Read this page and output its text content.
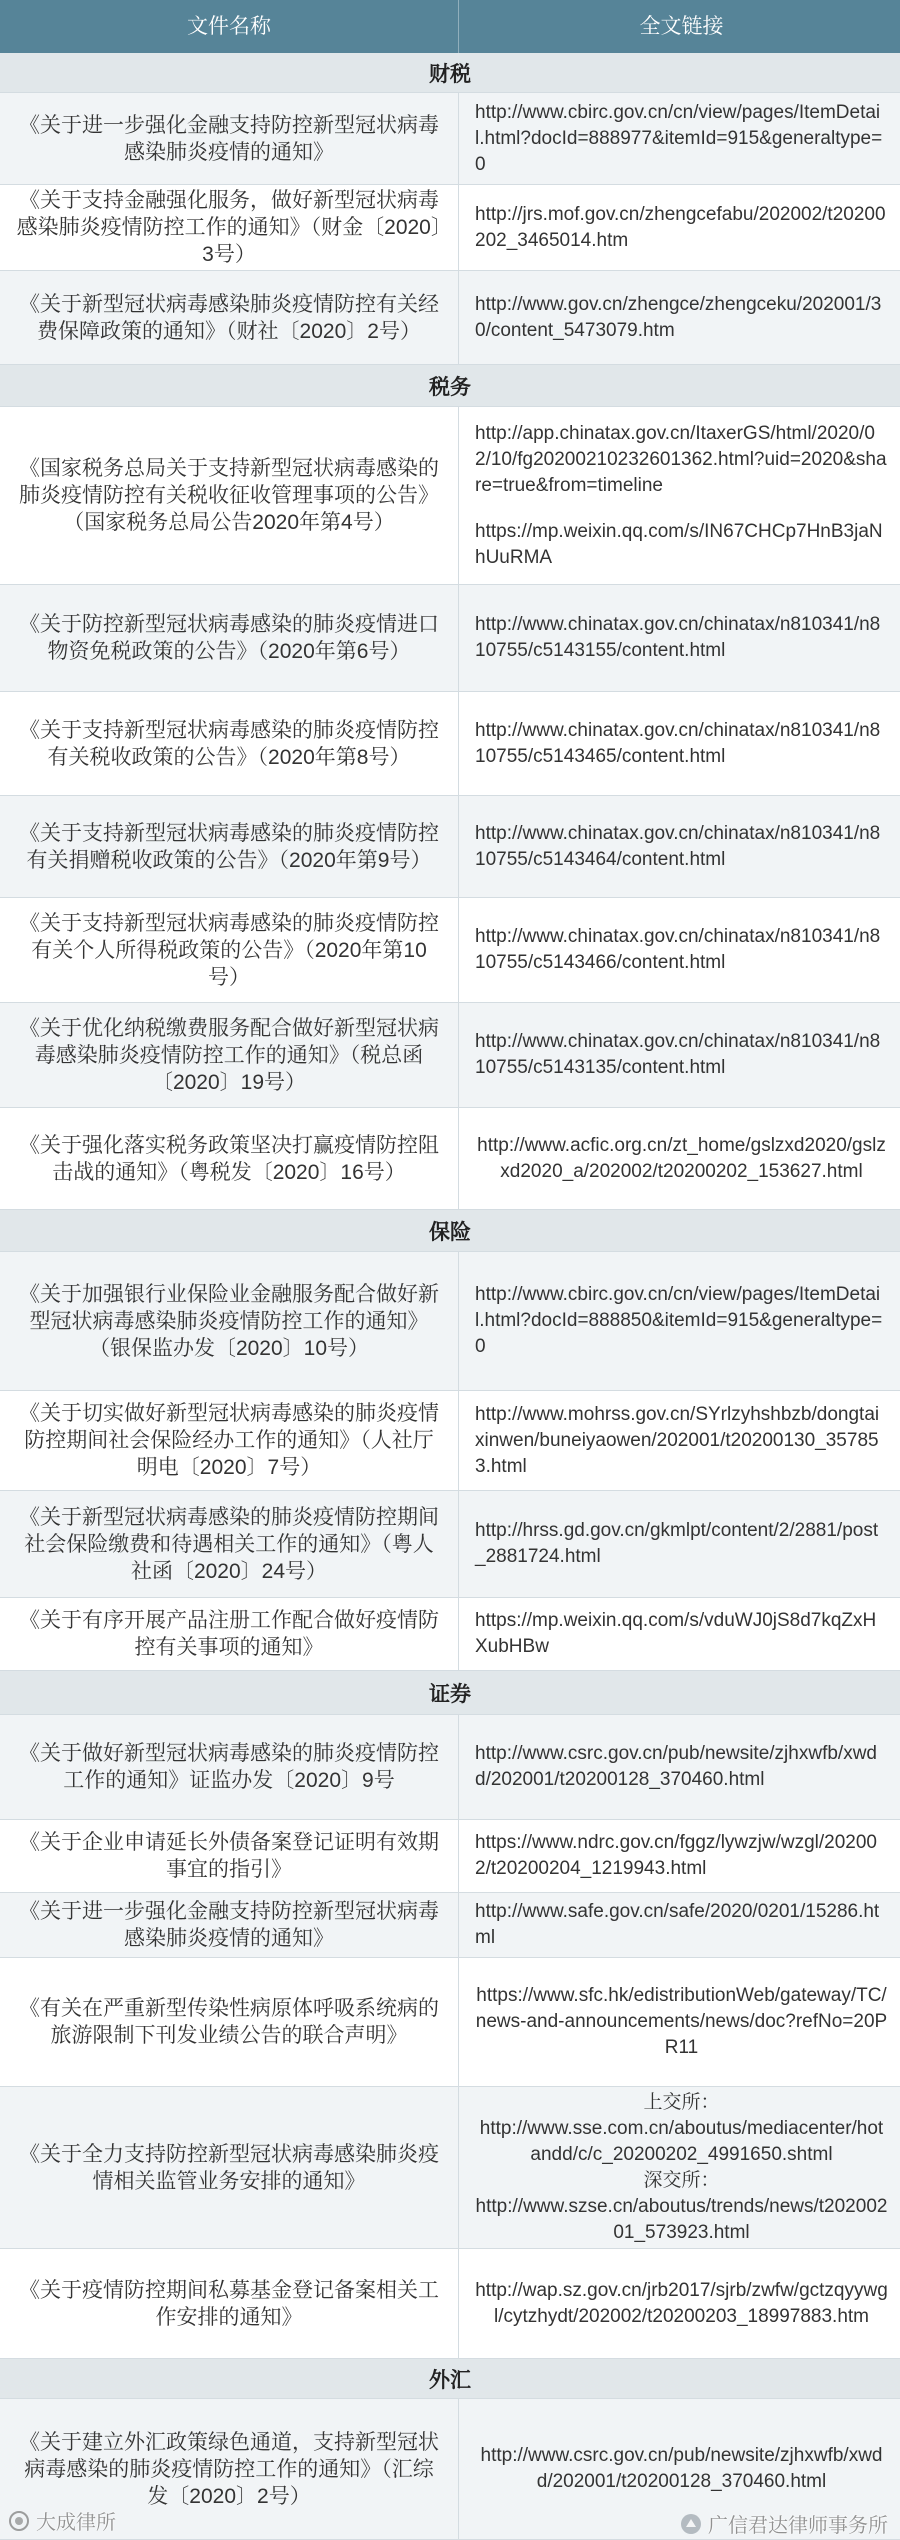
文件名称	全文链接
财税
《关于进一步强化金融支持防控新型冠状病毒感染肺炎疫情的通知》
http://www.cbirc.gov.cn/cn/view/pages/ItemDetail.html?docId=888977&itemId=915&generaltype=0
《关于支持金融强化服务，做好新型冠状病毒感染肺炎疫情防控工作的通知》（财金〔2020〕3号）
http://jrs.mof.gov.cn/zhengcefabu/202002/t20200202_3465014.htm
《关于新型冠状病毒感染肺炎疫情防控有关经费保障政策的通知》（财社〔2020〕2号）
http://www.gov.cn/zhengce/zhengceku/202001/30/content_5473079.htm
税务
《国家税务总局关于支持新型冠状病毒感染的肺炎疫情防控有关税收征收管理事项的公告》（国家税务总局公告2020年第4号）
http://app.chinatax.gov.cn/ItaxerGS/html/2020/02/10/fg20200210232601362.html?uid=2020&share=true&from=timeline
https://mp.weixin.qq.com/s/IN67CHCp7HnB3jaNhUuRMA
《关于防控新型冠状病毒感染的肺炎疫情进口物资免税政策的公告》（2020年第6号）
http://www.chinatax.gov.cn/chinatax/n810341/n810755/c5143155/content.html
《关于支持新型冠状病毒感染的肺炎疫情防控有关税收政策的公告》（2020年第8号）
http://www.chinatax.gov.cn/chinatax/n810341/n810755/c5143465/content.html
《关于支持新型冠状病毒感染的肺炎疫情防控有关捐赠税收政策的公告》（2020年第9号）
http://www.chinatax.gov.cn/chinatax/n810341/n810755/c5143464/content.html
《关于支持新型冠状病毒感染的肺炎疫情防控有关个人所得税政策的公告》（2020年第10号）
http://www.chinatax.gov.cn/chinatax/n810341/n810755/c5143466/content.html
《关于优化纳税缴费服务配合做好新型冠状病毒感染肺炎疫情防控工作的通知》（税总函〔2020〕19号）
http://www.chinatax.gov.cn/chinatax/n810341/n810755/c5143135/content.html
《关于强化落实税务政策坚决打赢疫情防控阻击战的通知》（粤税发〔2020〕16号）
http://www.acfic.org.cn/zt_home/gslzxd2020/gslzxd2020_a/202002/t20200202_153627.html
保险
《关于加强银行业保险业金融服务配合做好新型冠状病毒感染肺炎疫情防控工作的通知》（银保监办发〔2020〕10号）
http://www.cbirc.gov.cn/cn/view/pages/ItemDetail.html?docId=888850&itemId=915&generaltype=0
《关于切实做好新型冠状病毒感染的肺炎疫情防控期间社会保险经办工作的通知》（人社厅明电〔2020〕7号）
http://www.mohrss.gov.cn/SYrlzyhshbzb/dongtaixinwen/buneiyaowen/202001/t20200130_357853.html
《关于新型冠状病毒感染的肺炎疫情防控期间社会保险缴费和待遇相关工作的通知》（粤人社函〔2020〕24号）
http://hrss.gd.gov.cn/gkmlpt/content/2/2881/post_2881724.html
《关于有序开展产品注册工作配合做好疫情防控有关事项的通知》
https://mp.weixin.qq.com/s/vduWJ0jS8d7kqZxHXubHBw
证券
《关于做好新型冠状病毒感染的肺炎疫情防控工作的通知》证监办发〔2020〕9号
http://www.csrc.gov.cn/pub/newsite/zjhxwfb/xwdd/202001/t20200128_370460.html
《关于企业申请延长外债备案登记证明有效期事宜的指引》
https://www.ndrc.gov.cn/fggz/lywzjw/wzgl/202002/t20200204_1219943.html
《关于进一步强化金融支持防控新型冠状病毒感染肺炎疫情的通知》
http://www.safe.gov.cn/safe/2020/0201/15286.html
《有关在严重新型传染性病原体呼吸系统病的旅游限制下刊发业绩公告的联合声明》
https://www.sfc.hk/edistributionWeb/gateway/TC/news-and-announcements/news/doc?refNo=20PR11
《关于全力支持防控新型冠状病毒感染肺炎疫情相关监管业务安排的通知》
上交所：
http://www.sse.com.cn/aboutus/mediacenter/hotandd/c/c_20200202_4991650.shtml
深交所：
http://www.szse.cn/aboutus/trends/news/t20200201_573923.html
《关于疫情防控期间私募基金登记备案相关工作安排的通知》
http://wap.sz.gov.cn/jrb2017/sjrb/zwfw/gctzqyywgl/cytzhydt/202002/t20200203_18997883.htm
外汇
《关于建立外汇政策绿色通道，支持新型冠状病毒感染的肺炎疫情防控工作的通知》（汇综发〔2020〕2号）
http://www.csrc.gov.cn/pub/newsite/zjhxwfb/xwdd/202001/t20200128_370460.html
大成律所	广信君达律师事务所
